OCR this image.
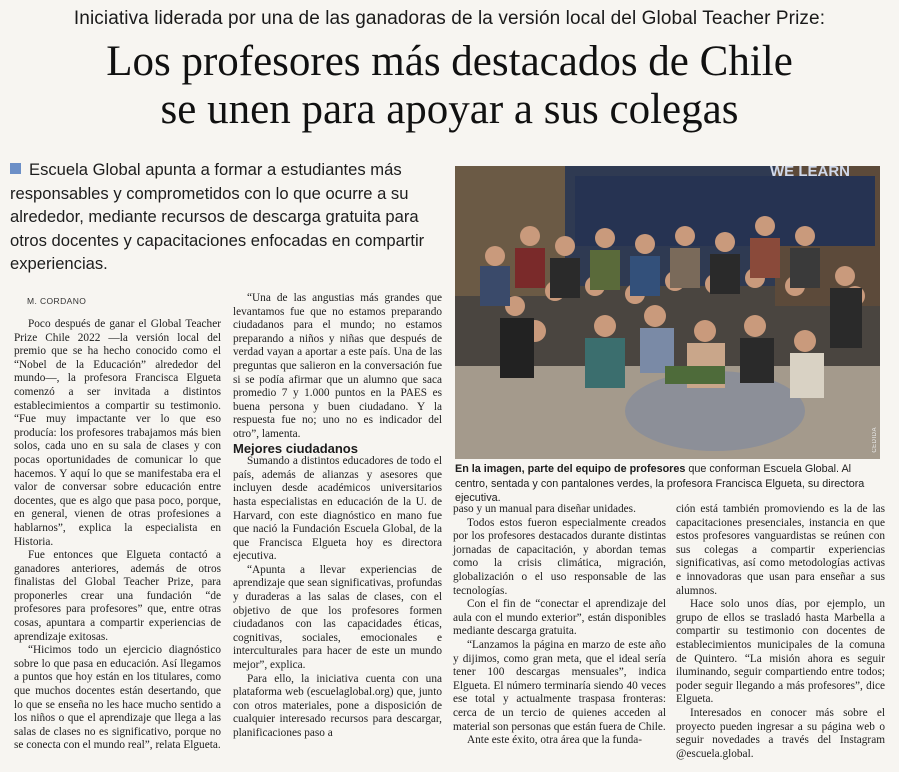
Iniciativa liderada por una de las ganadoras de la versión local del Global Teacher Prize:
Los profesores más destacados de Chile
se unen para apoyar a sus colegas
Escuela Global apunta a formar a estudiantes más responsables y comprometidos con lo que ocurre a su alrededor, mediante recursos de descarga gratuita para otros docentes y capacitaciones enfocadas en compartir experiencias.
M. CORDANO

Poco después de ganar el Global Teacher Prize Chile 2022 —la versión local del premio que se ha hecho conocido como el “Nobel de la Educación” alrededor del mundo—, la profesora Francisca Elgueta comenzó a ser invitada a distintos establecimientos a compartir su testimonio. “Fue muy impactante ver lo que eso producía: los profesores trabajamos más bien solos, cada uno en su sala de clases y con pocas oportunidades de comunicar lo que hacemos. Y aquí lo que se manifestaba era el valor de conversar sobre educación entre docentes, que es algo que pasa poco, porque, en general, vienen de otras profesiones a hablarnos”, explica la especialista en Historia.

Fue entonces que Elgueta contactó a ganadores anteriores, además de otros finalistas del Global Teacher Prize, para proponerles crear una fundación “de profesores para profesores” que, entre otras cosas, apuntara a compartir experiencias de aprendizaje exitosas.

“Hicimos todo un ejercicio diagnóstico sobre lo que pasa en educación. Así llegamos a puntos que hoy están en los titulares, como que muchos docentes están desertando, que lo que se enseña no les hace mucho sentido a los niños o que el aprendizaje que llega a las salas de clases no es significativo, porque no se conecta con el mundo real”, relata Elgueta.

“Una de las angustias más grandes que levantamos fue que no estamos preparando ciudadanos para el mundo; no estamos preparando a niños y niñas que después de verdad vayan a aportar a este país. Una de las preguntas que salieron en la conversación fue si se podía afirmar que un alumno que saca promedio 7 y 1.000 puntos en la PAES es buena persona y buen ciudadano. Y la respuesta fue no; uno no es indicador del otro”, lamenta.

Mejores ciudadanos

Sumando a distintos educadores de todo el país, además de alianzas y asesores que incluyen desde académicos universitarios hasta especialistas en educación de la U. de Harvard, con este diagnóstico en mano fue que nació la Fundación Escuela Global, de la que Francisca Elgueta hoy es directora ejecutiva.

“Apunta a llevar experiencias de aprendizaje que sean significativas, profundas y duraderas a las salas de clases, con el objetivo de que los profesores formen ciudadanos con las capacidades éticas, cognitivas, sociales, emocionales e interculturales para hacer de este un mundo mejor”, explica.

Para ello, la iniciativa cuenta con una plataforma web (escuelaglobal.org) que, junto con otros materiales, pone a disposición de cualquier interesado recursos para descargar, planificaciones paso a

WE LEARN
CEDIDA
En la imagen, parte del equipo de profesores que conforman Escuela Global. Al centro, sentada y con pantalones verdes, la profesora Francisca Elgueta, su directora ejecutiva.

paso y un manual para diseñar unidades.

Todos estos fueron especialmente creados por los profesores destacados durante distintas jornadas de capacitación, y abordan temas como la crisis climática, migración, globalización o el uso responsable de las tecnologías.

Con el fin de “conectar el aprendizaje del aula con el mundo exterior”, están disponibles mediante descarga gratuita.

“Lanzamos la página en marzo de este año y dijimos, como gran meta, que el ideal sería tener 100 descargas mensuales”, indica Elgueta. El número terminaría siendo 40 veces ese total y actualmente traspasa fronteras: cerca de un tercio de quienes acceden al material son personas que están fuera de Chile.

Ante este éxito, otra área que la funda-

ción está también promoviendo es la de las capacitaciones presenciales, instancia en que estos profesores vanguardistas se reúnen con sus colegas a compartir experiencias significativas, así como metodologías activas e innovadoras que usan para enseñar a sus alumnos.

Hace solo unos días, por ejemplo, un grupo de ellos se trasladó hasta Marbella a compartir su testimonio con docentes de establecimientos municipales de la comuna de Quintero. “La misión ahora es seguir iluminando, seguir compartiendo entre todos; poder seguir llegando a más profesores”, dice Elgueta.

Interesados en conocer más sobre el proyecto pueden ingresar a su página web o seguir novedades a través del Instagram @escuela.global.
